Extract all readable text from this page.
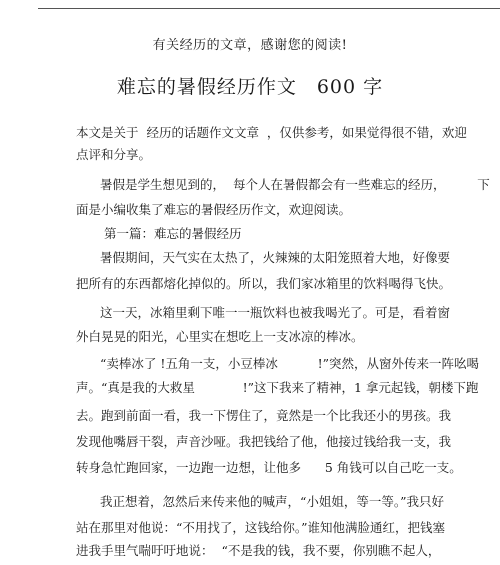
有关经历的文章，感谢您的阅读!
难忘的暑假经历作文　600 字
本文是关于  经历的话题作文文章  ，仅供参考，如果觉得很不错，欢迎
点评和分享。
暑假是学生想见到的，  每个人在暑假都会有一些难忘的经历，        下
面是小编收集了难忘的暑假经历作文，欢迎阅读。
第一篇：难忘的暑假经历
暑假期间，天气实在太热了，火辣辣的太阳笼照着大地，好像要
把所有的东西都熔化掉似的。所以，我们家冰箱里的饮料喝得飞快。
这一天，冰箱里剩下唯一一瓶饮料也被我喝光了。可是，看着窗
外白晃晃的阳光，心里实在想吃上一支冰凉的棒冰。
“卖棒冰了 !五角一支，小豆棒冰          !”突然，从窗外传来一阵吆喝
声。“真是我的大救星            !”这下我来了精神，1 拿元起钱，朝楼下跑
去。跑到前面一看，我一下愣住了，竟然是一个比我还小的男孩。我
发现他嘴唇干裂，声音沙哑。我把钱给了他，他接过钱给我一支，我
转身急忙跑回家，一边跑一边想，让他多      5 角钱可以自己吃一支。
我正想着，忽然后来传来他的喊声，“小姐姐，等一等。”我只好
站在那里对他说：“不用找了，这钱给你。”谁知他满脸通红，把钱塞
进我手里气喘吁吁地说：  “不是我的钱，我不要，你别瞧不起人，
